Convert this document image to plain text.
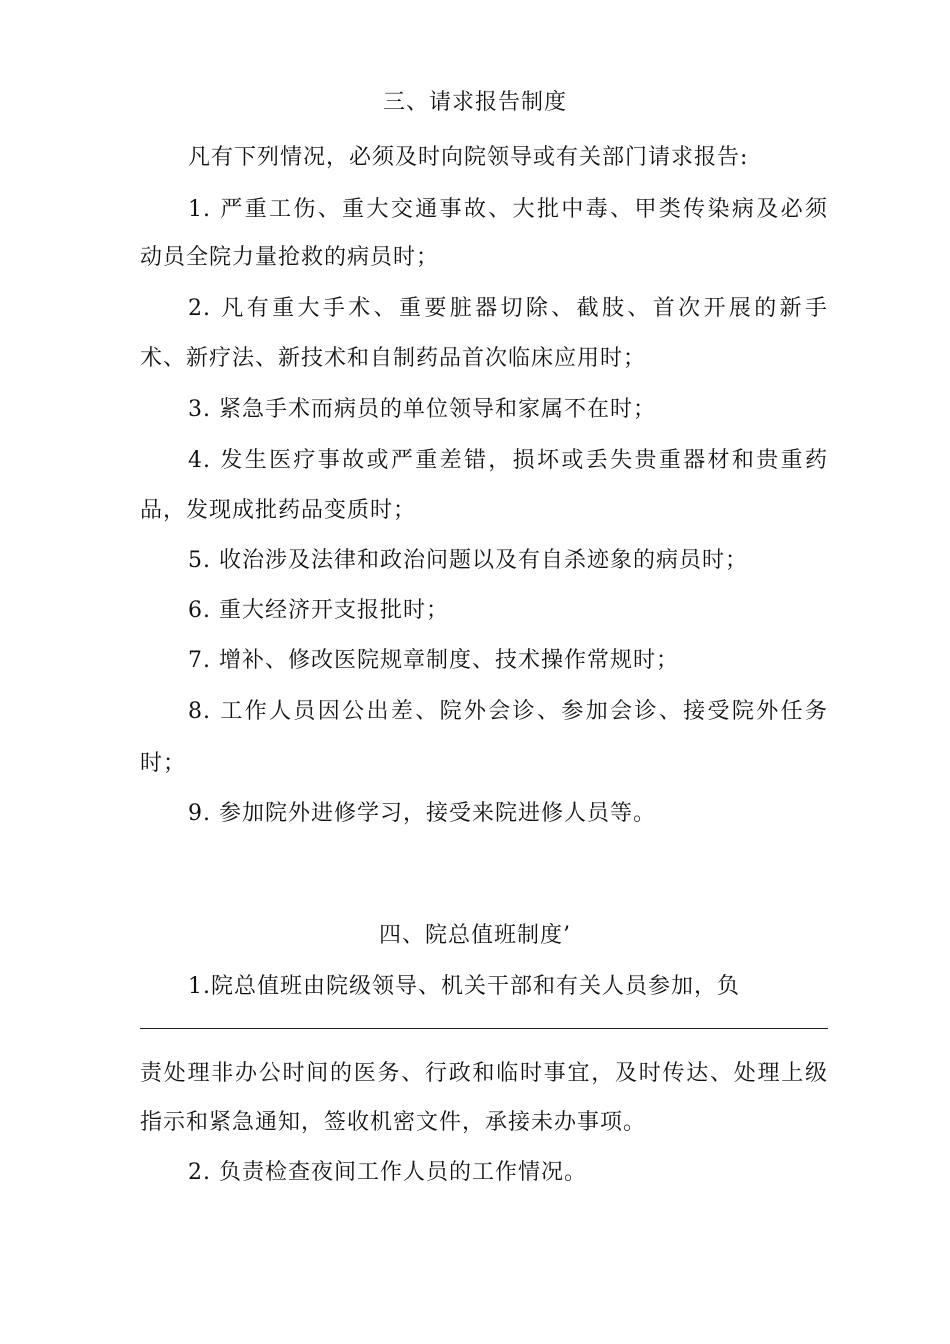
三、请求报告制度
凡有下列情况，必须及时向院领导或有关部门请求报告:
1. 严重工伤、重大交通事故、大批中毒、甲类传染病及必须
动员全院力量抢救的病员时；
2. 凡有重大手术、重要脏器切除、截肢、首次开展的新手
术、新疗法、新技术和自制药品首次临床应用时；
3. 紧急手术而病员的单位领导和家属不在时；
4. 发生医疗事故或严重差错，损坏或丢失贵重器材和贵重药
品，发现成批药品变质时；
5. 收治涉及法律和政治问题以及有自杀迹象的病员时；
6. 重大经济开支报批时；
7. 增补、修改医院规章制度、技术操作常规时；
8. 工作人员因公出差、院外会诊、参加会诊、接受院外任务
时；
9. 参加院外进修学习，接受来院进修人员等。
四、院总值班制度’
1.院总值班由院级领导、机关干部和有关人员参加，负
责处理非办公时间的医务、行政和临时事宜，及时传达、处理上级
指示和紧急通知，签收机密文件，承接未办事项。
2. 负责检查夜间工作人员的工作情况。
